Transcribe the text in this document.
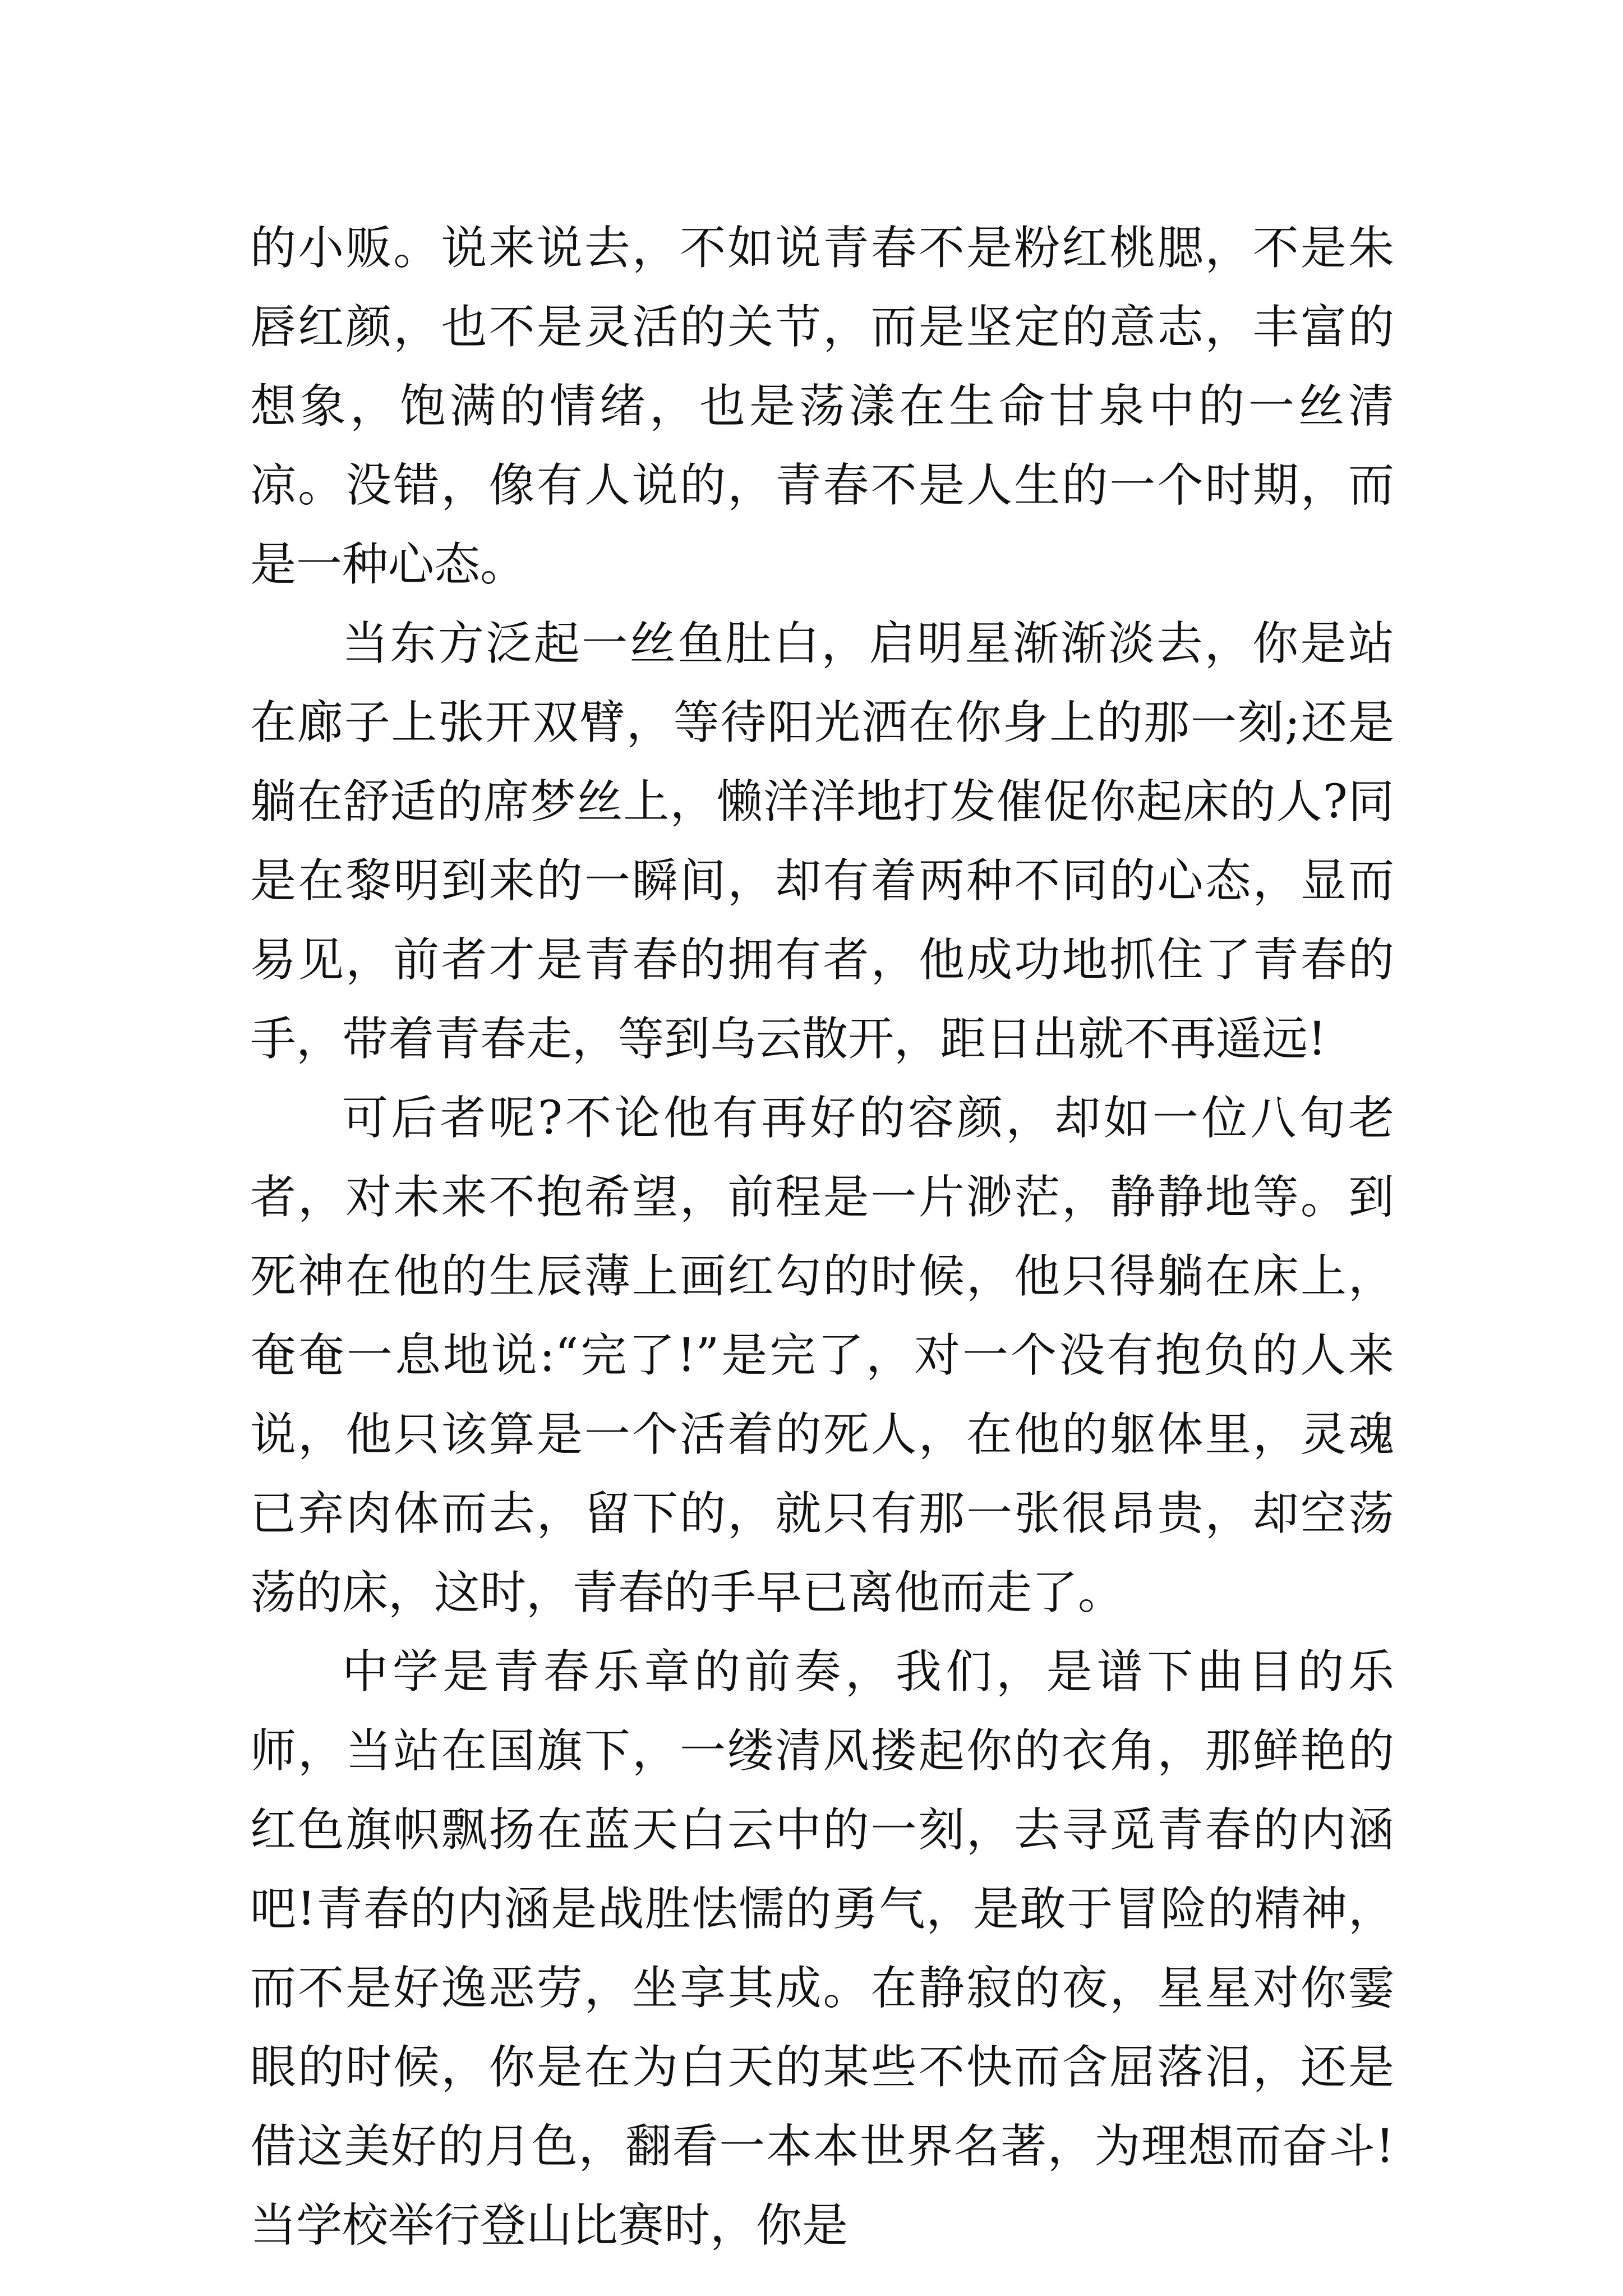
的小贩。说来说去，不如说青春不是粉红桃腮，不是朱唇红颜，也不是灵活的关节，而是坚定的意志，丰富的想象，饱满的情绪，也是荡漾在生命甘泉中的一丝清凉。没错，像有人说的，青春不是人生的一个时期，而是一种心态。

当东方泛起一丝鱼肚白，启明星渐渐淡去，你是站在廊子上张开双臂，等待阳光洒在你身上的那一刻;还是躺在舒适的席梦丝上，懒洋洋地打发催促你起床的人?同是在黎明到来的一瞬间，却有着两种不同的心态，显而易见，前者才是青春的拥有者，他成功地抓住了青春的手，带着青春走，等到乌云散开，距日出就不再遥远!

可后者呢?不论他有再好的容颜，却如一位八旬老者，对未来不抱希望，前程是一片渺茫，静静地等。到死神在他的生辰薄上画红勾的时候，他只得躺在床上，奄奄一息地说:“完了!”是完了，对一个没有抱负的人来说，他只该算是一个活着的死人，在他的躯体里，灵魂已弃肉体而去，留下的，就只有那一张很昂贵，却空荡荡的床，这时，青春的手早已离他而走了。

中学是青春乐章的前奏，我们，是谱下曲目的乐师，当站在国旗下，一缕清风搂起你的衣角，那鲜艳的红色旗帜飘扬在蓝天白云中的一刻，去寻觅青春的内涵吧!青春的内涵是战胜怯懦的勇气，是敢于冒险的精神，而不是好逸恶劳，坐享其成。在静寂的夜，星星对你霎眼的时候，你是在为白天的某些不快而含屈落泪，还是借这美好的月色，翻看一本本世界名著，为理想而奋斗!当学校举行登山比赛时，你是
